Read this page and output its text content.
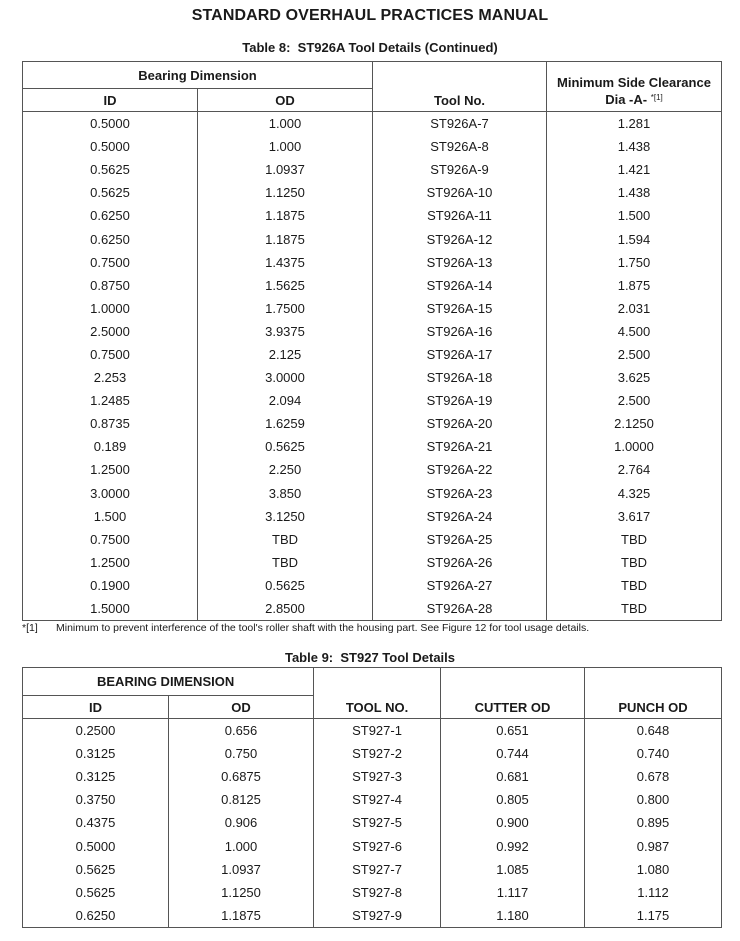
STANDARD OVERHAUL PRACTICES MANUAL
Table 8: ST926A Tool Details (Continued)
Bearing Dimension		Tool No.	Minimum Side Clearance
Dia -A- $^{*[1]}$
ID	OD		
0.5000	1.000	ST926A-7	1.281
0.5000	1.000	ST926A-8	1.438
0.5625	1.0937	ST926A-9	1.421
0.5625	1.1250	ST926A-10	1.438
0.6250	1.1875	ST926A-11	1.500
0.6250	1.1875	ST926A-12	1.594
0.7500	1.4375	ST926A-13	1.750
0.8750	1.5625	ST926A-14	1.875
1.0000	1.7500	ST926A-15	2.031
2.5000	3.9375	ST926A-16	4.500
0.7500	2.125	ST926A-17	2.500
2.253	3.0000	ST926A-18	3.625
1.2485	2.094	ST926A-19	2.500
0.8735	1.6259	ST926A-20	2.1250
0.189	0.5625	ST926A-21	1.0000
1.2500	2.250	ST926A-22	2.764
3.0000	3.850	ST926A-23	4.325
1.500	3.1250	ST926A-24	3.617
0.7500	TBD	ST926A-25	TBD
1.2500	TBD	ST926A-26	TBD
0.1900	0.5625	ST926A-27	TBD
1.5000	2.8500	ST926A-28	TBD
*[1] Minimum to prevent interference of the tool's roller shaft with the housing part. See Figure 12 for tool usage details.
Table 9: ST927 Tool Details
BEARING DIMENSION		TOOL NO.	CUTTER OD	PUNCH OD
ID	OD			
0.2500	0.656	ST927-1	0.651	0.648
0.3125	0.750	ST927-2	0.744	0.740
0.3125	0.6875	ST927-3	0.681	0.678
0.3750	0.8125	ST927-4	0.805	0.800
0.4375	0.906	ST927-5	0.900	0.895
0.5000	1.000	ST927-6	0.992	0.987
0.5625	1.0937	ST927-7	1.085	1.080
0.5625	1.1250	ST927-8	1.117	1.112
0.6250	1.1875	ST927-9	1.180	1.175
